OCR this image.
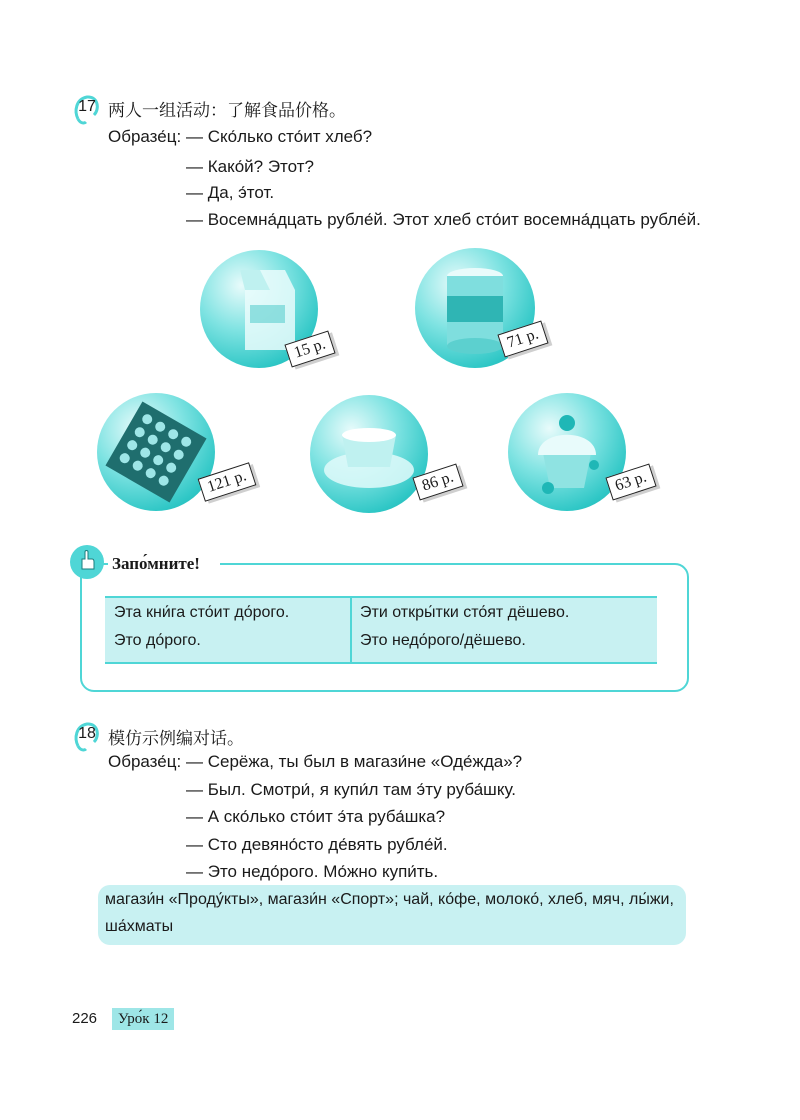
17 两人一组活动：了解食品价格。
Образе́ц: — Ско́лько сто́ит хлеб?
— Како́й? Этот?
— Да, э́тот.
— Восемна́дцать рубле́й. Этот хлеб сто́ит восемна́дцать рубле́й.
15 р.	71 р.
121 р.	86 р.	63 р.
Запо́мните!
Эта кни́га сто́ит до́рого.	Эти откры́тки сто́ят дёшево.
Это до́рого.	Это недо́рого/дёшево.
18 模仿示例编对话。
Образе́ц: — Серёжа, ты был в магази́не «Оде́жда»?
— Был. Смотри́, я купи́л там э́ту руба́шку.
— А ско́лько сто́ит э́та руба́шка?
— Сто девяно́сто де́вять рубле́й.
— Это недо́рого. Мо́жно купи́ть.
магази́н «Проду́кты», магази́н «Спорт»; чай, ко́фе, молоко́, хлеб, мяч, лы́жи,
ша́хматы
226	Уро́к 12
